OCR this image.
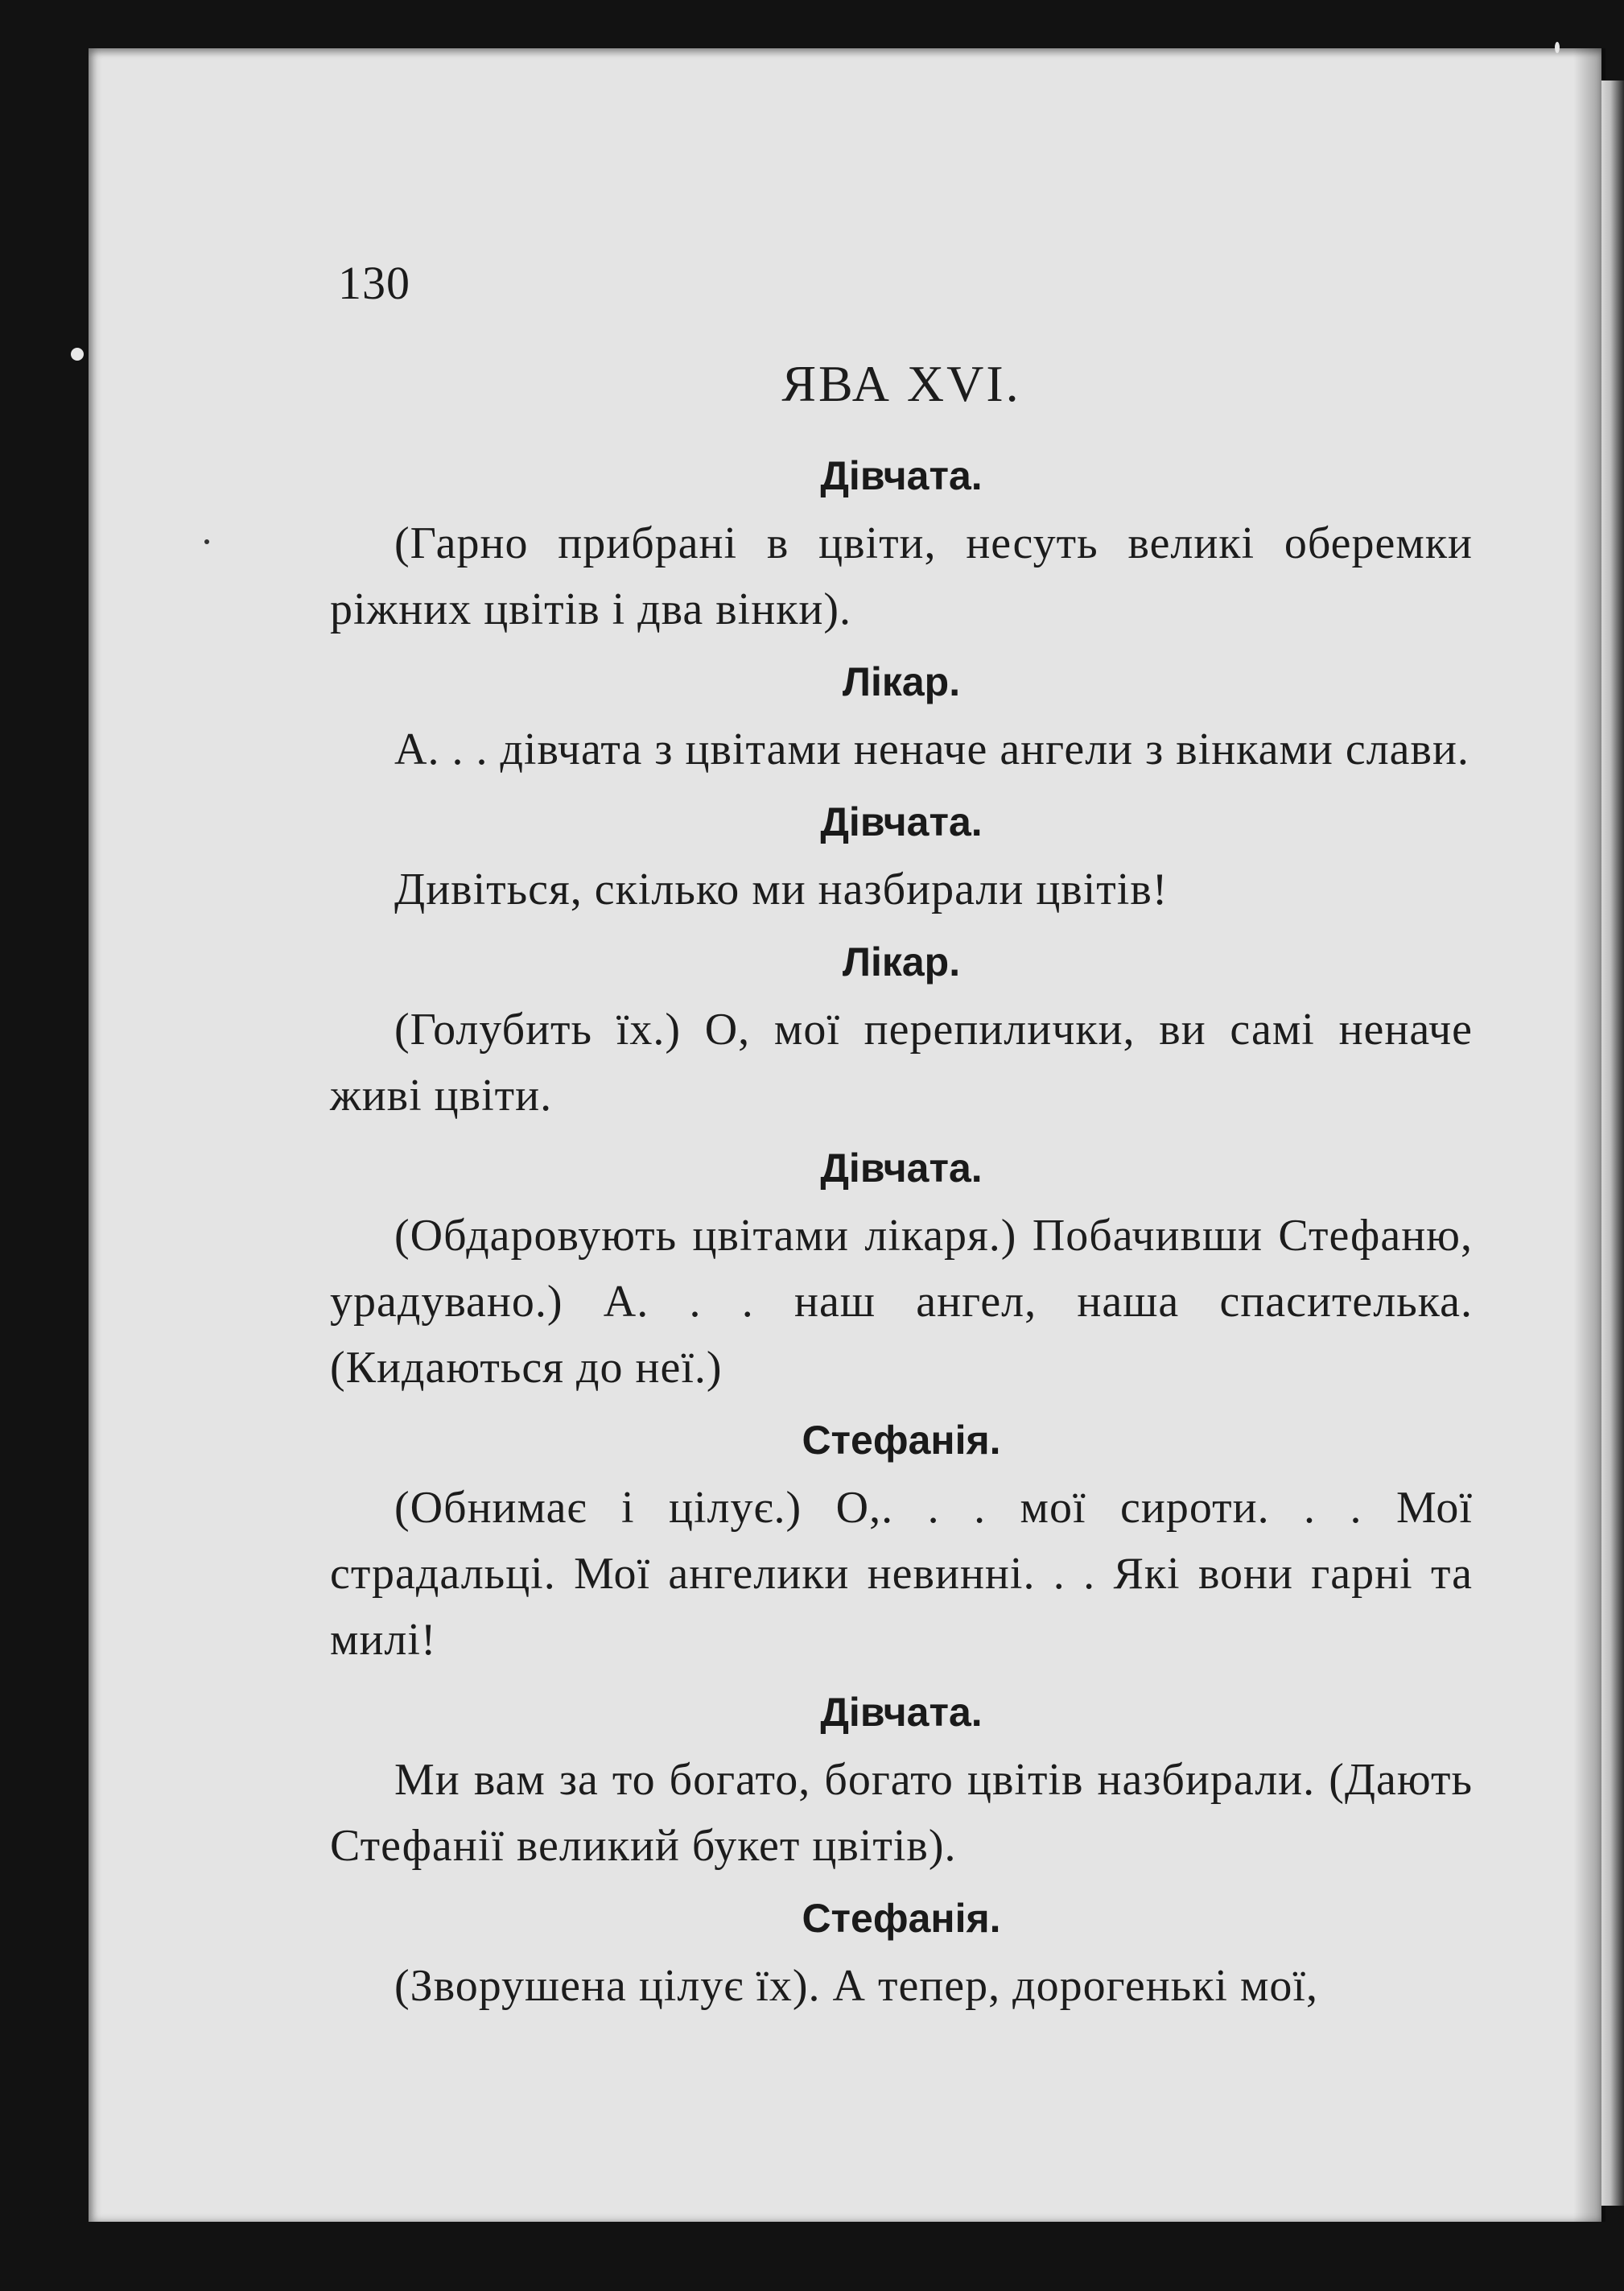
130
ЯВА XVI.
Дівчата.

(Гарно прибрані в цвіти, несуть великі оберемки ріжних цвітів і два вінки).

Лікар.

А. . . дівчата з цвітами неначе ангели з вінками слави.

Дівчата.

Дивіться, скілько ми назбирали цвітів!

Лікар.

(Голубить їх.) О, мої перепилички, ви самі неначе живі цвіти.

Дівчата.

(Обдаровують цвітами лікаря.) Побачивши Стефаню, урадувано.) А. . . наш ангел, наша спасителька. (Кидаються до неї.)

Стефанія.

(Обнимає і цілує.) О,. . . мої сироти. . . Мої страдальці. Мої ангелики невинні. . . Які вони гарні та милі!

Дівчата.

Ми вам за то богато, богато цвітів назбирали. (Дають Стефанії великий букет цвітів).

Стефанія.

(Зворушена цілує їх). А тепер, дорогенькі мої,
